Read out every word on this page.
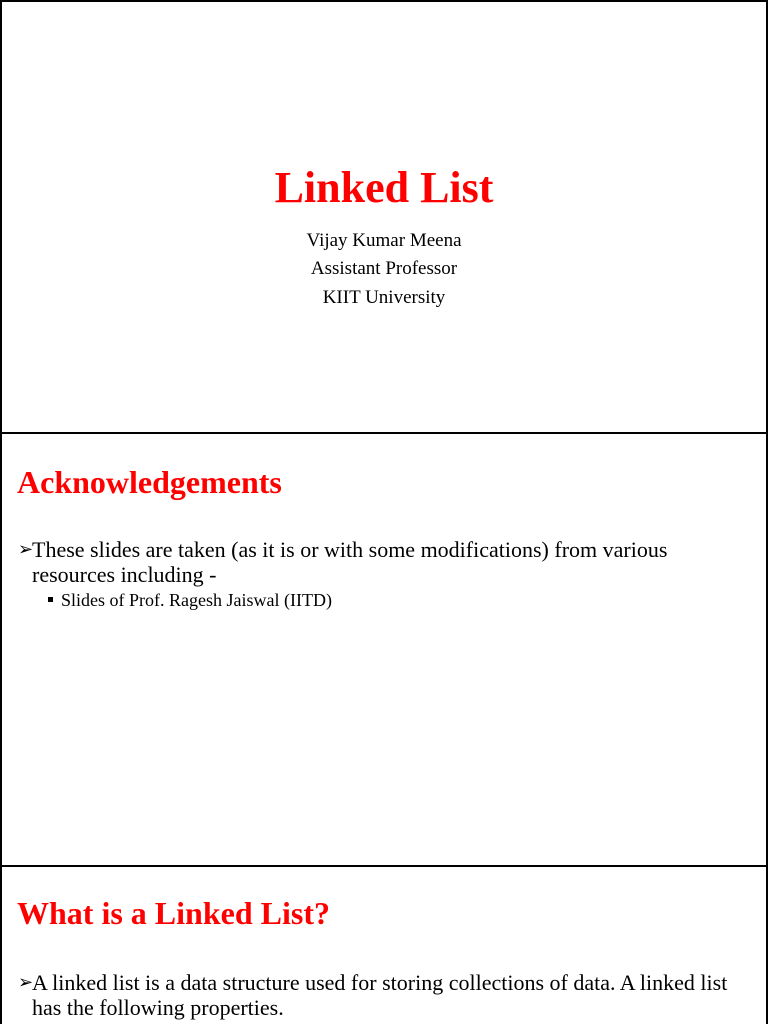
Linked List
Vijay Kumar Meena
Assistant Professor
KIIT University
Acknowledgements
➢
These slides are taken (as it is or with some modifications) from various resources including -
Slides of Prof. Ragesh Jaiswal (IITD)
What is a Linked List?
➢
A linked list is a data structure used for storing collections of data. A linked list has the following properties.
